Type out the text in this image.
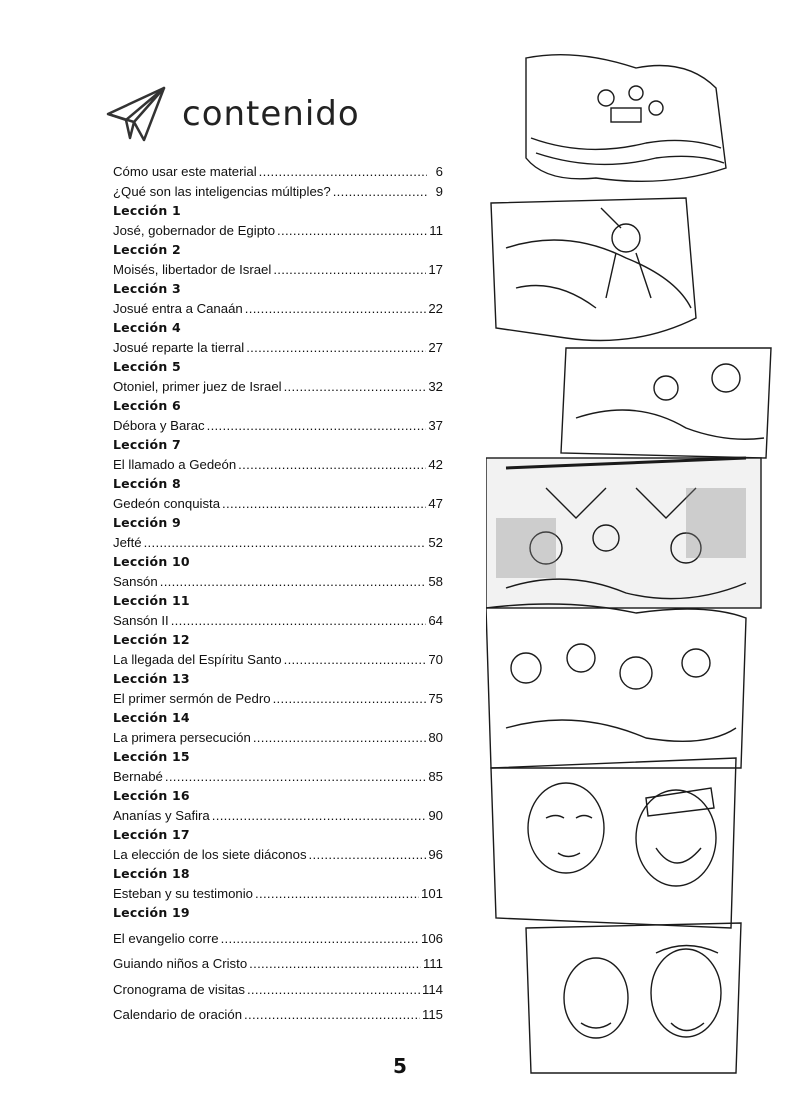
contenido
Cómo usar este material .....	6
¿Qué son las inteligencias múltiples? .....	9
Lección 1
José, gobernador de Egipto .....	11
Lección 2
Moisés, libertador de Israel .....	17
Lección 3
Josué entra a Canaán .....	22
Lección 4
Josué reparte la tierral .....	27
Lección 5
Otoniel, primer juez de Israel .....	32
Lección 6
Débora y Barac .....	37
Lección 7
El llamado a Gedeón .....	42
Lección 8
Gedeón conquista .....	47
Lección 9
Jefté .....	52
Lección 10
Sansón .....	58
Lección 11
Sansón II .....	64
Lección 12
La llegada del Espíritu Santo .....	70
Lección 13
El primer sermón de Pedro .....	75
Lección 14
La primera persecución .....	80
Lección 15
Bernabé .....	85
Lección 16
Ananías y Safira .....	90
Lección 17
La elección de los siete diáconos .....	96
Lección 18
Esteban y su testimonio .....	101
Lección 19
El evangelio corre .....	106
Guiando niños a Cristo .....	111
Cronograma de visitas .....	114
Calendario de oración .....	115
5
